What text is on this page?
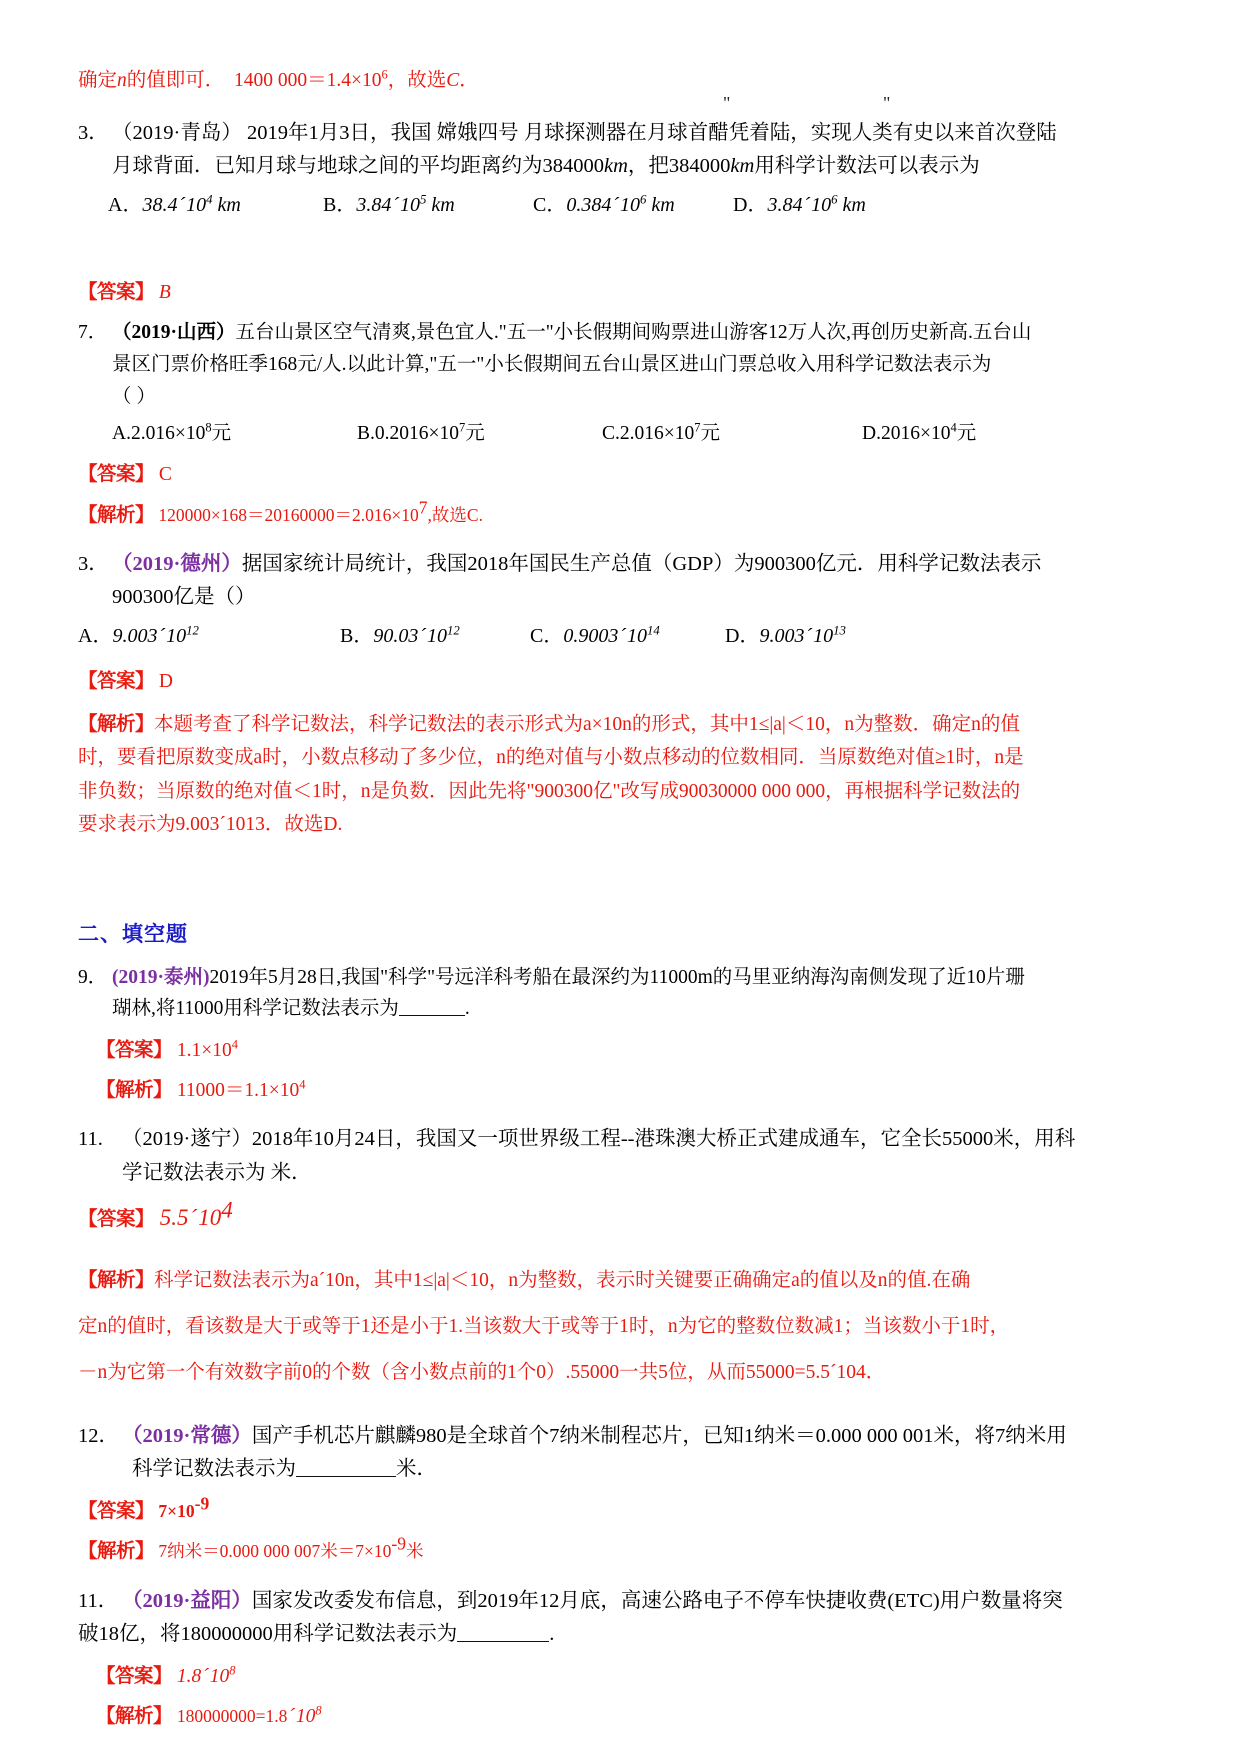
确定n的值即可． 1400 $000=1.4\times 10^6$，故选C．
"	"
3． （2019·青岛） 2019年1月3日，我国 嫦娥四号 月球探测器在月球首醋凭着陆，实现人类有史以来首次登陆
月球背面．已知月球与地球之间的平均距离约为384000km，把384000km用科学计数法可以表示为
A．$38.4´10^4$ km	B．$3.84´10^5$ km	C．$0.384´10^6$ km	D．$3.84´10^6$ km
【答案】 B
7． （2019·山西）五台山景区空气清爽,景色宜人."五一"小长假期间购票进山游客12万人次,再创历史新高.五台山
景区门票价格旺季168元/人.以此计算,"五一"小长假期间五台山景区进山门票总收入用科学记数法表示为
（ ）
$A.2.016\times 10^8$元	$B.0.2016\times 10^7$元	$C.2.016\times 10^7$元	$D.2016\times 10^4$元
【答案】 C
【解析】 $120000\times 168=20160000=2.016\times 10^7$,故选C.
3． （2019·德州）据国家统计局统计，我国2018年国民生产总值（GDP）为900300亿元．用科学记数法表示
900300亿是（）
A．$9.003´10^{12}$	B．$90.03´10^{12}$	C．$0.9003´10^{14}$	D．$9.003´10^{13}$
【答案】 D
【解析】本题考查了科学记数法，科学记数法的表示形式为a×10n的形式，其中1≤|a|＜10，n为整数．确定n的值
时，要看把原数变成a时，小数点移动了多少位，n的绝对值与小数点移动的位数相同．当原数绝对值≥1时，n是
非负数；当原数的绝对值＜1时，n是负数．因此先将"900300亿"改写成90030000 000 000，再根据科学记数法的
要求表示为9.003´1013．故选D.
二、填空题
9． (2019·泰州)2019年5月28日,我国"科学"号远洋科考船在最深约为11000m的马里亚纳海沟南侧发现了近10片珊
瑚林,将11000用科学记数法表示为	.
【答案】 $1.1\times 10^4$
【解析】 $11000=1.1\times 10^4$
11. （2019·遂宁）2018年10月24日，我国又一项世界级工程--港珠澳大桥正式建成通车，它全长55000米，用科
学记数法表示为 米．
【答案】 $5.5´10^4$
【解析】科学记数法表示为a´10n，其中1≤|a|＜10，n为整数，表示时关键要正确确定a的值以及n的值.在确
定n的值时，看该数是大于或等于1还是小于1.当该数大于或等于1时，n为它的整数位数减1；当该数小于1时，
－n为它第一个有效数字前0的个数（含小数点前的1个0）.55000一共5位，从而55000=5.5´104．
12． （2019·常德）国产手机芯片麒麟980是全球首个7纳米制程芯片，已知1纳米＝0.000 000 001米，将7纳米用
科学记数法表示为	米．
【答案】 $7\times 10^{-9}$
【解析】 7纳米＝0.000 000 007米$=7\times 10^{-9}$米
11． （2019·益阳）国家发改委发布信息，到2019年12月底，高速公路电子不停车快捷收费(ETC)用户数量将突
破18亿，将180000000用科学记数法表示为	.
【答案】 $1.8´10^8$
【解析】 $180000000=1.8´10^8$
